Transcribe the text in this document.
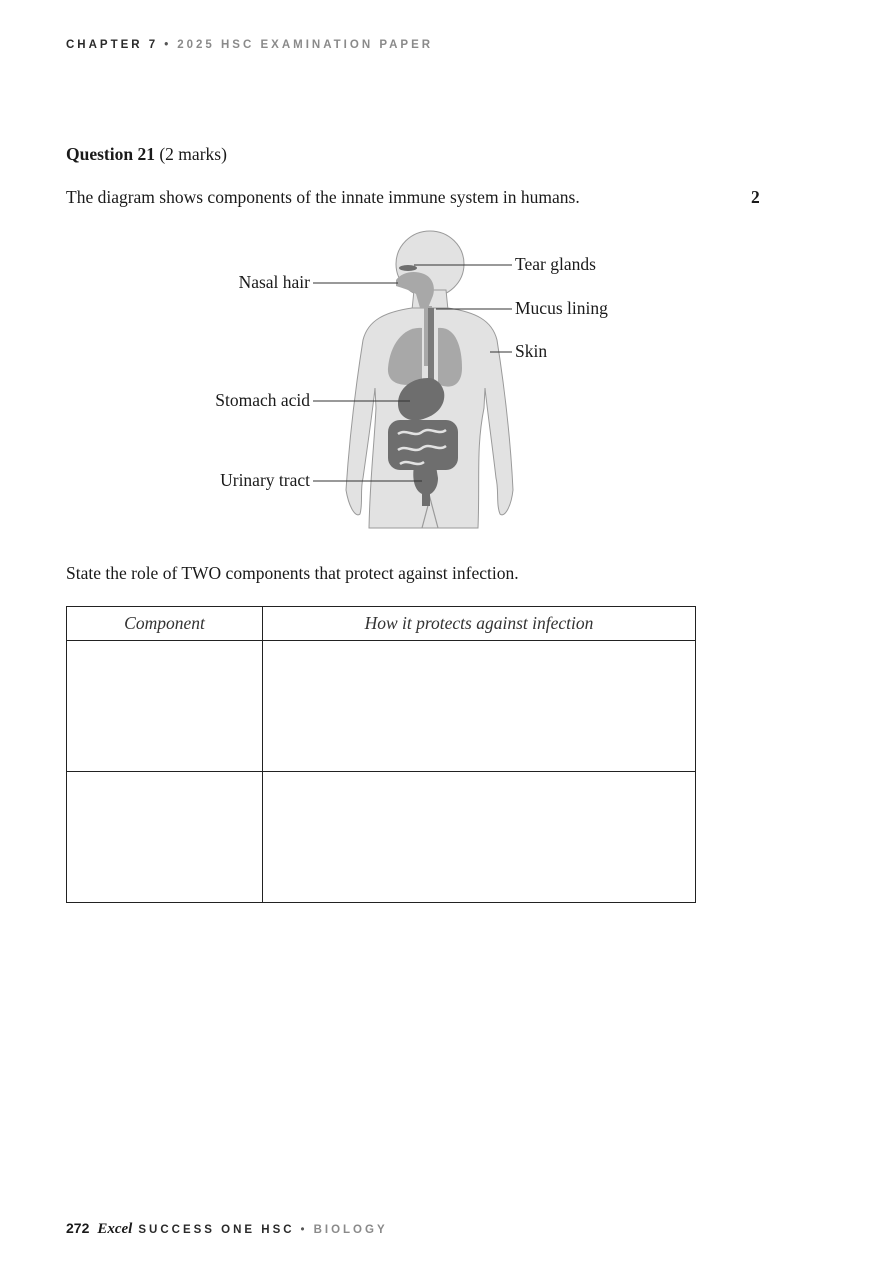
CHAPTER 7 • 2025 HSC EXAMINATION PAPER
Question 21 (2 marks)
The diagram shows components of the innate immune system in humans.	2
Nasal hair
Stomach acid
Urinary tract
Tear glands
Mucus lining
Skin
State the role of TWO components that protect against infection.
Component	How it protects against infection

272 Excel SUCCESS ONE HSC • BIOLOGY
